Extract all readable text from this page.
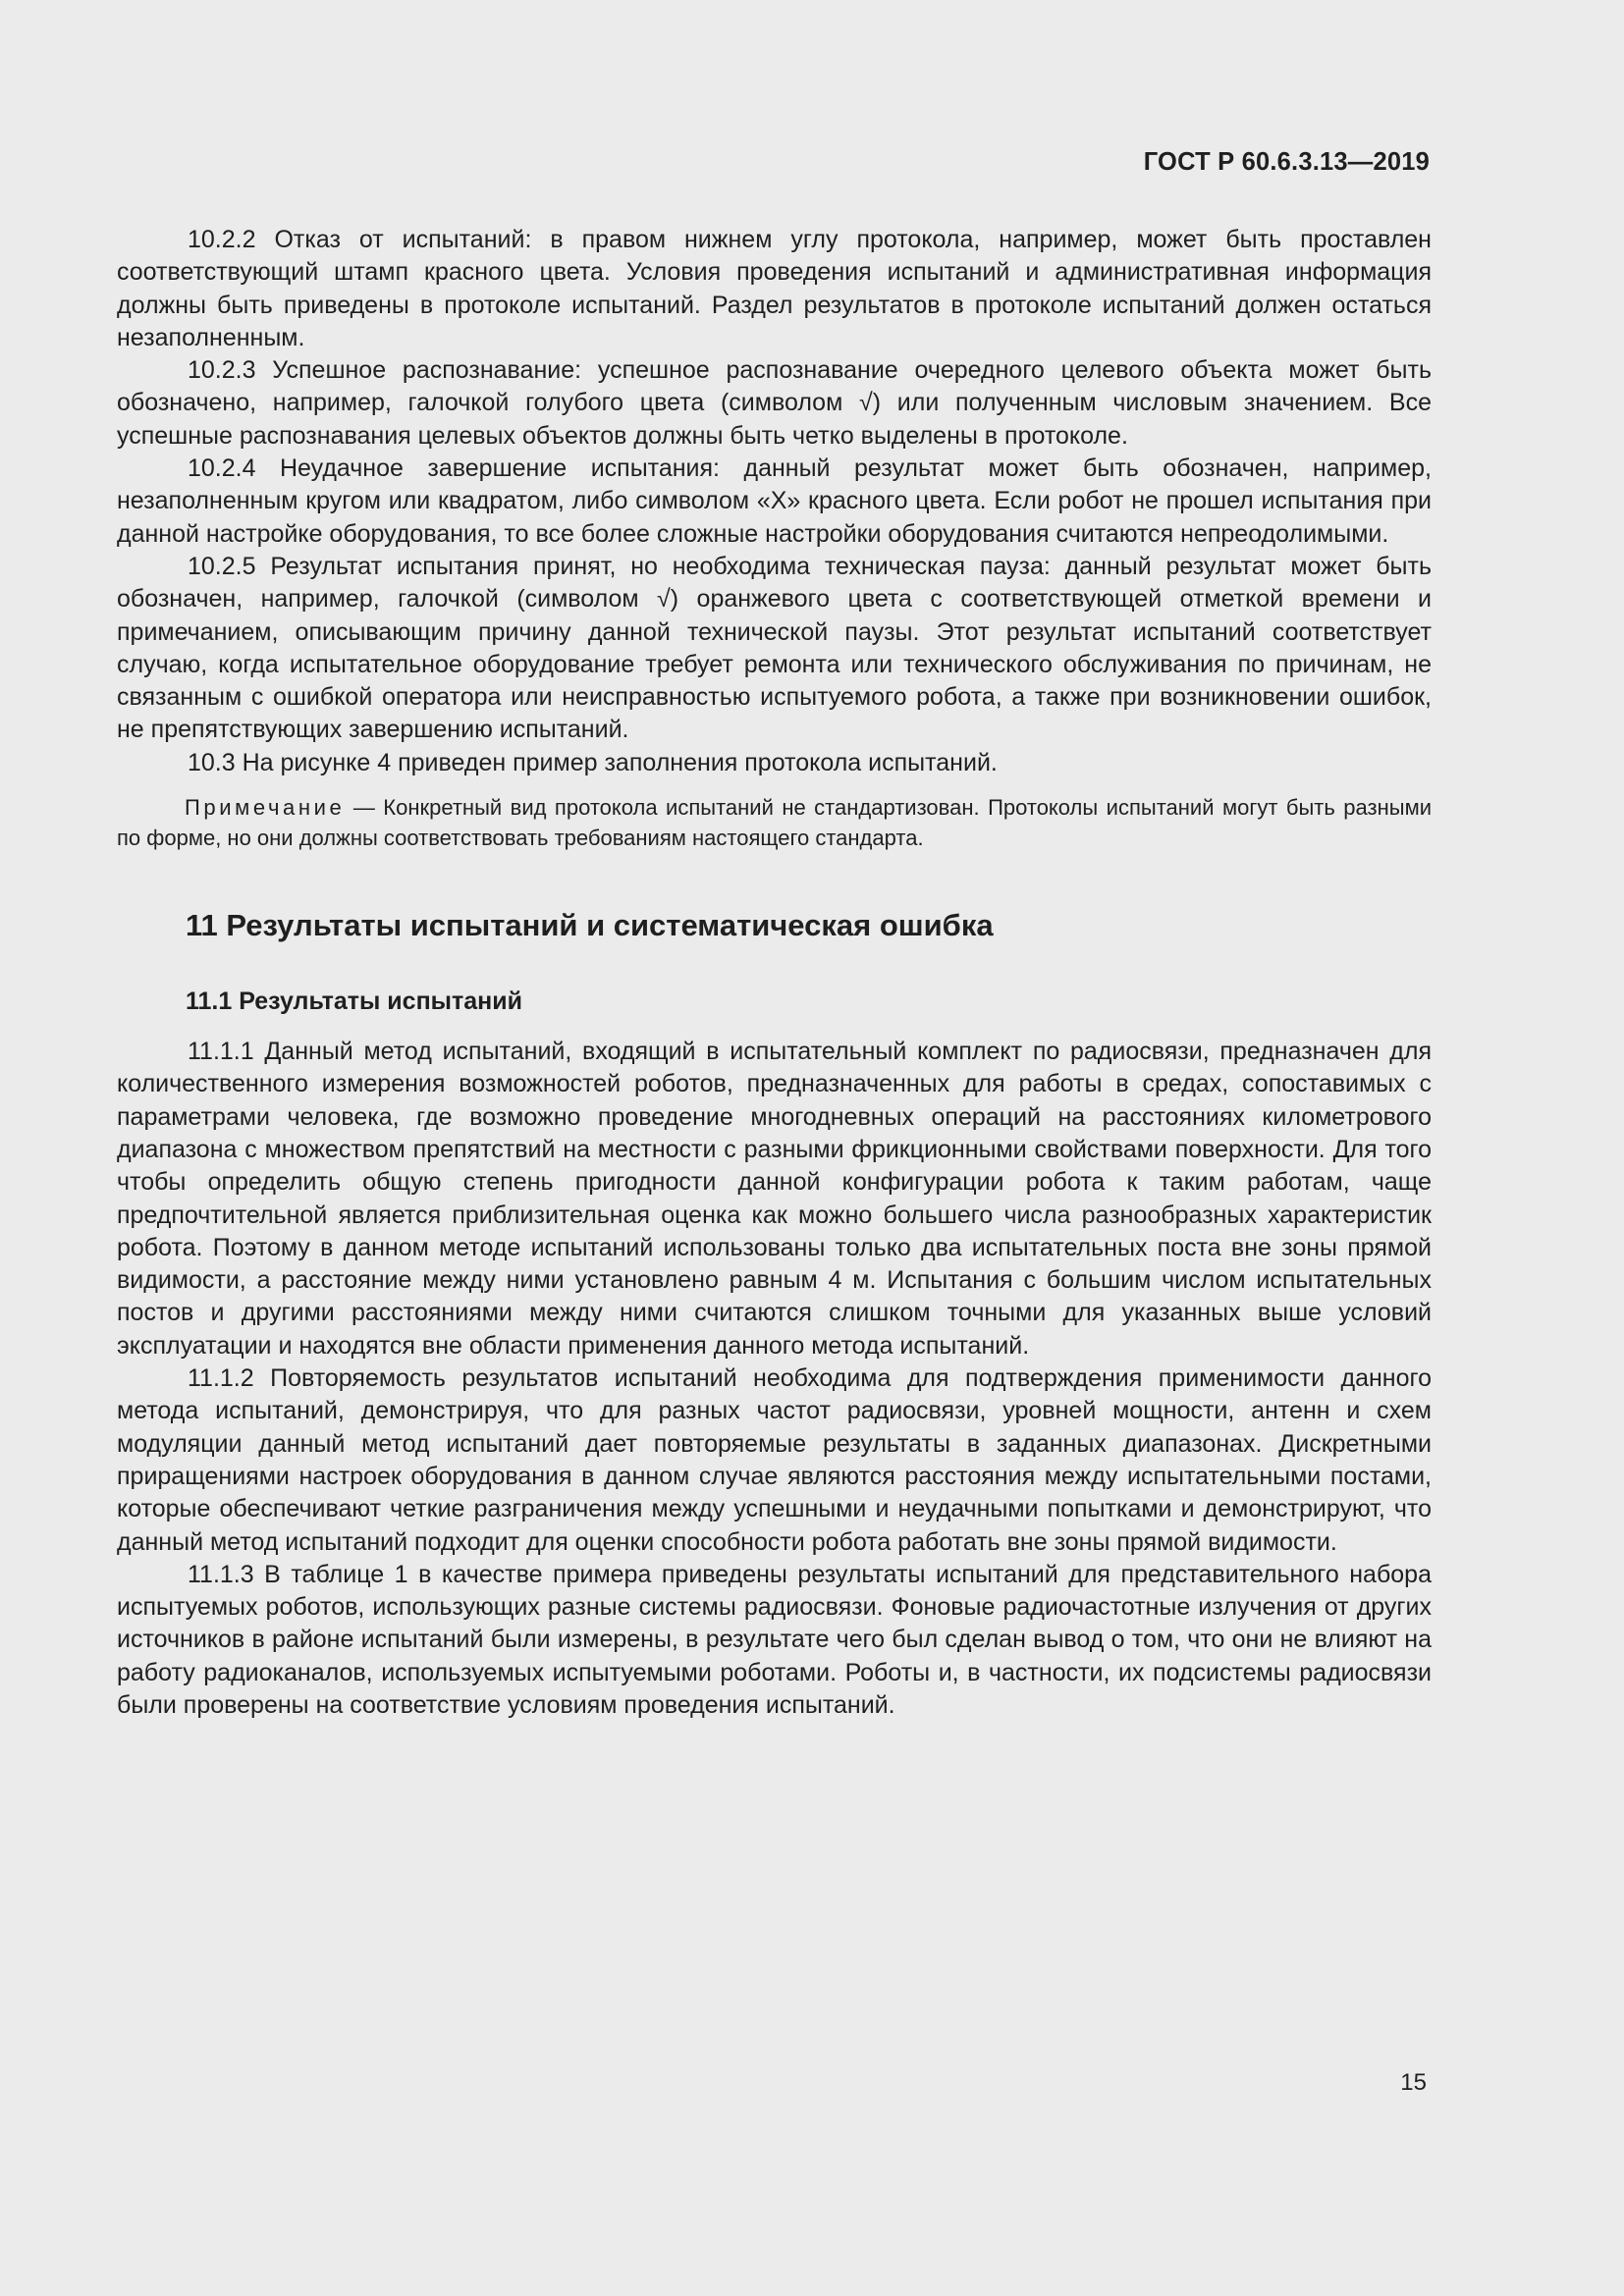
ГОСТ Р 60.6.3.13—2019

10.2.2 Отказ от испытаний: в правом нижнем углу протокола, например, может быть проставлен соответствующий штамп красного цвета. Условия проведения испытаний и административная информация должны быть приведены в протоколе испытаний. Раздел результатов в протоколе испытаний должен остаться незаполненным.

10.2.3 Успешное распознавание: успешное распознавание очередного целевого объекта может быть обозначено, например, галочкой голубого цвета (символом √) или полученным числовым значением. Все успешные распознавания целевых объектов должны быть четко выделены в протоколе.

10.2.4 Неудачное завершение испытания: данный результат может быть обозначен, например, незаполненным кругом или квадратом, либо символом «X» красного цвета. Если робот не прошел испытания при данной настройке оборудования, то все более сложные настройки оборудования считаются непреодолимыми.

10.2.5 Результат испытания принят, но необходима техническая пауза: данный результат может быть обозначен, например, галочкой (символом √) оранжевого цвета с соответствующей отметкой времени и примечанием, описывающим причину данной технической паузы. Этот результат испытаний соответствует случаю, когда испытательное оборудование требует ремонта или технического обслуживания по причинам, не связанным с ошибкой оператора или неисправностью испытуемого робота, а также при возникновении ошибок, не препятствующих завершению испытаний.

10.3 На рисунке 4 приведен пример заполнения протокола испытаний.

Примечание — Конкретный вид протокола испытаний не стандартизован. Протоколы испытаний могут быть разными по форме, но они должны соответствовать требованиям настоящего стандарта.

11 Результаты испытаний и систематическая ошибка
11.1 Результаты испытаний

11.1.1 Данный метод испытаний, входящий в испытательный комплект по радиосвязи, предназначен для количественного измерения возможностей роботов, предназначенных для работы в средах, сопоставимых с параметрами человека, где возможно проведение многодневных операций на расстояниях километрового диапазона с множеством препятствий на местности с разными фрикционными свойствами поверхности. Для того чтобы определить общую степень пригодности данной конфигурации робота к таким работам, чаще предпочтительной является приблизительная оценка как можно большего числа разнообразных характеристик робота. Поэтому в данном методе испытаний использованы только два испытательных поста вне зоны прямой видимости, а расстояние между ними установлено равным 4 м. Испытания с большим числом испытательных постов и другими расстояниями между ними считаются слишком точными для указанных выше условий эксплуатации и находятся вне области применения данного метода испытаний.

11.1.2 Повторяемость результатов испытаний необходима для подтверждения применимости данного метода испытаний, демонстрируя, что для разных частот радиосвязи, уровней мощности, антенн и схем модуляции данный метод испытаний дает повторяемые результаты в заданных диапазонах. Дискретными приращениями настроек оборудования в данном случае являются расстояния между испытательными постами, которые обеспечивают четкие разграничения между успешными и неудачными попытками и демонстрируют, что данный метод испытаний подходит для оценки способности робота работать вне зоны прямой видимости.

11.1.3 В таблице 1 в качестве примера приведены результаты испытаний для представительного набора испытуемых роботов, использующих разные системы радиосвязи. Фоновые радиочастотные излучения от других источников в районе испытаний были измерены, в результате чего был сделан вывод о том, что они не влияют на работу радиоканалов, используемых испытуемыми роботами. Роботы и, в частности, их подсистемы радиосвязи были проверены на соответствие условиям проведения испытаний.

15
